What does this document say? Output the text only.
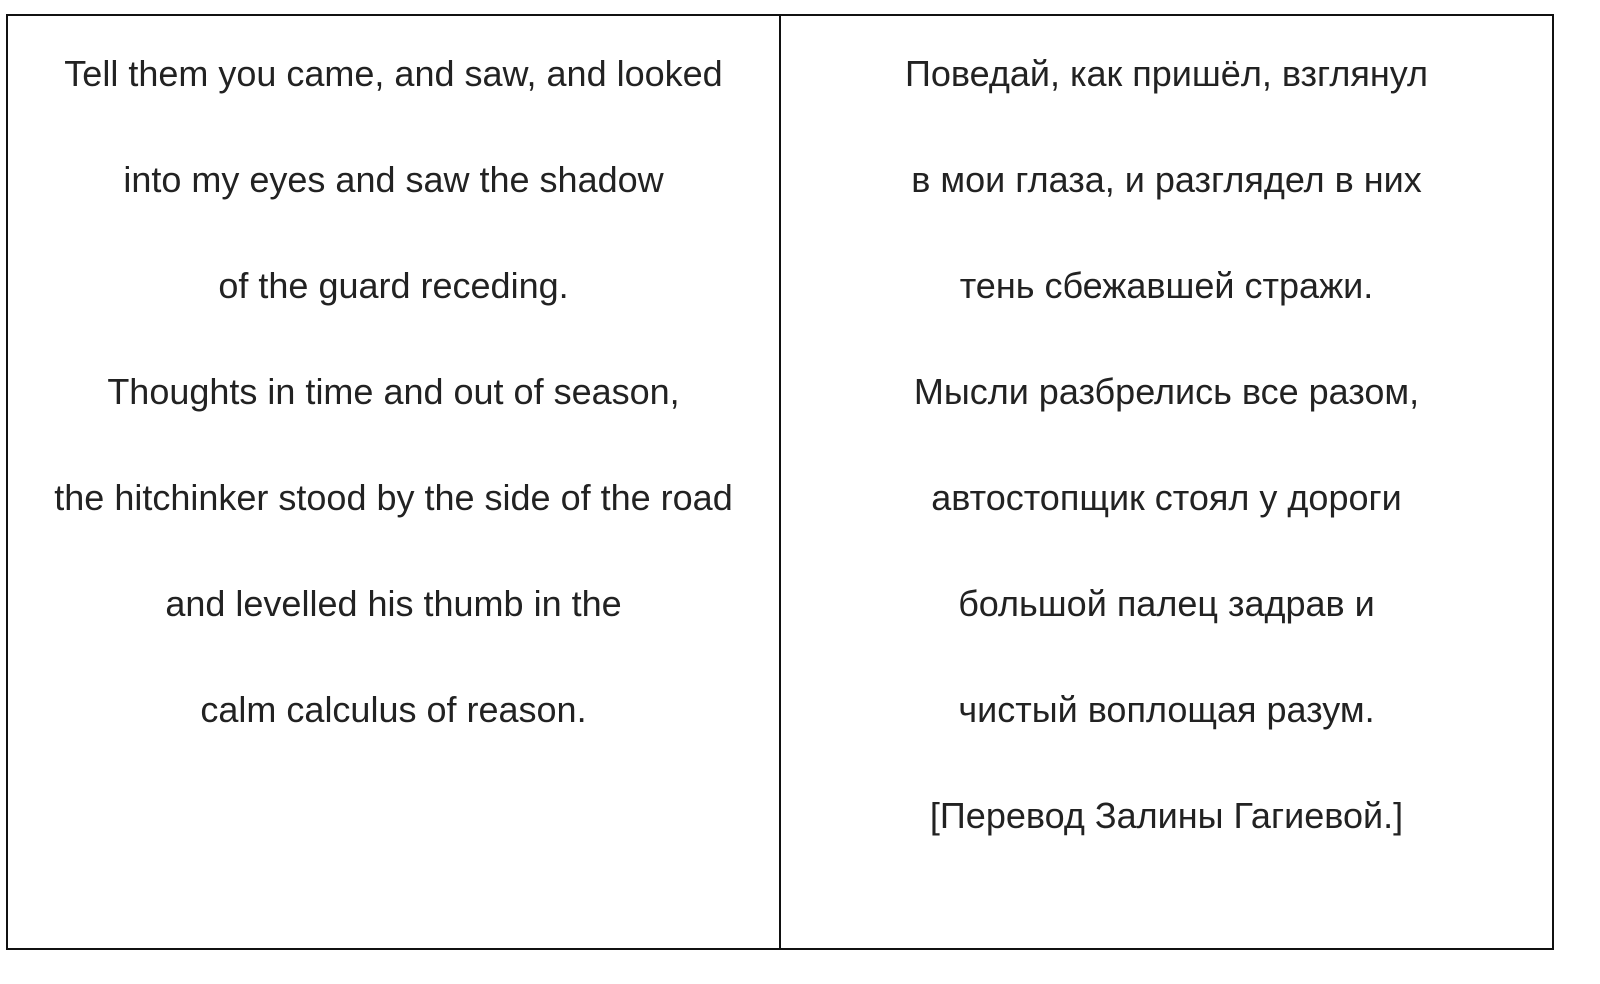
Tell them you came, and saw, and looked

into my eyes and saw the shadow

of the guard receding.

Thoughts in time and out of season,

the hitchinker stood by the side of the road

and levelled his thumb in the

calm calculus of reason.

Поведай, как пришёл, взглянул

в мои глаза, и разглядел в них

тень сбежавшей стражи.

Мысли разбрелись все разом,

автостопщик стоял у дороги

большой палец задрав и

чистый воплощая разум.

[Перевод Залины Гагиевой.]
